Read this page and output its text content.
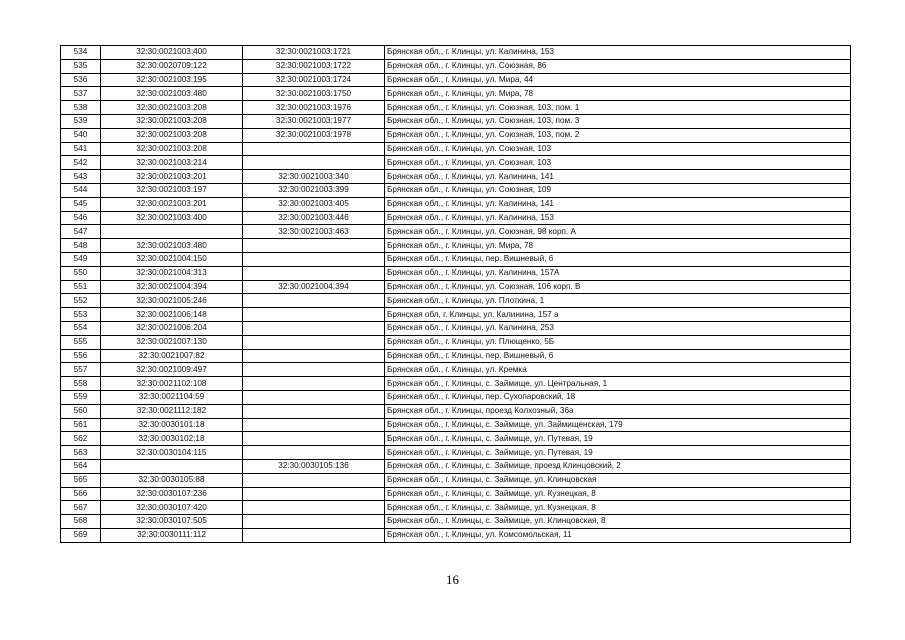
534	32:30:0021003:400	32:30:0021003:1721	Брянская обл., г. Клинцы, ул. Калинина, 153
535	32:30:0020709:122	32:30:0021003:1722	Брянская обл., г. Клинцы, ул. Союзная, 86
536	32:30:0021003:195	32:30:0021003:1724	Брянская обл., г. Клинцы, ул. Мира, 44
537	32:30:0021003:480	32:30:0021003:1750	Брянская обл., г. Клинцы, ул. Мира, 78
538	32:30:0021003:208	32:30:0021003:1976	Брянская обл., г. Клинцы, ул. Союзная, 103, пом. 1
539	32:30:0021003:208	32:30:0021003:1977	Брянская обл., г. Клинцы, ул. Союзная, 103, пом. 3
540	32:30:0021003:208	32:30:0021003:1978	Брянская обл., г. Клинцы, ул. Союзная, 103, пом. 2
541	32:30:0021003:208		Брянская обл., г. Клинцы, ул. Союзная, 103
542	32:30:0021003:214		Брянская обл., г. Клинцы, ул. Союзная, 103
543	32:30:0021003:201	32:30:0021003:340	Брянская обл., г. Клинцы, ул. Калинина, 141
544	32:30:0021003:197	32:30:0021003:399	Брянская обл., г. Клинцы, ул. Союзная, 109
545	32:30:0021003:201	32:30:0021003:405	Брянская обл., г. Клинцы, ул. Калинина, 141
546	32:30:0021003:400	32:30:0021003:446	Брянская обл., г. Клинцы, ул. Калинина, 153
547		32:30:0021003:463	Брянская обл., г. Клинцы, ул. Союзная, 98 корп. А
548	32:30:0021003:480		Брянская обл., г. Клинцы, ул. Мира, 78
549	32:30:0021004:150		Брянская обл., г. Клинцы, пер. Вишневый, 6
550	32:30:0021004:313		Брянская обл., г. Клинцы, ул. Калинина, 157А
551	32:30:0021004:394	32:30:0021004:394	Брянская обл., г. Клинцы, ул. Союзная, 106 корп. В
552	32:30:0021005:246		Брянская обл., г. Клинцы, ул. Плоткина, 1
553	32:30:0021006:148		Брянская обл, г. Клинцы, ул. Калинина, 157 а
554	32:30:0021006:204		Брянская обл., г. Клинцы, ул. Калинина, 253
555	32:30:0021007:130		Брянская обл., г. Клинцы, ул. Плющенко, 5Б
556	32:30:0021007:82		Брянская обл., г. Клинцы, пер. Вишневый, 6
557	32:30:0021009:497		Брянская обл., г. Клинцы, ул. Кремка
558	32:30:0021102:108		Брянская обл., г. Клинцы, с. Займище, ул. Центральная, 1
559	32:30:0021104:59		Брянская обл., г. Клинцы, пер. Сухопаровский, 18
560	32:30:0021112:182		Брянская обл., г. Клинцы, проезд Колхозный, 36а
561	32:30:0030101:18		Брянская обл., г. Клинцы, с. Займище, ул. Займищенская, 179
562	32:30:0030102:18		Брянская обл., г. Клинцы, с. Займище, ул. Путевая, 19
563	32:30:0030104:115		Брянская обл., г. Клинцы, с. Займище, ул. Путевая, 19
564		32:30:0030105:136	Брянская обл., г. Клинцы, с. Займище, проезд Клинцовский, 2
565	32:30:0030105:88		Брянская обл., г. Клинцы, с. Займище, ул. Клинцовская
566	32:30:0030107:236		Брянская обл., г. Клинцы, с. Займище, ул. Кузнецкая, 8
567	32:30:0030107:420		Брянская обл., г. Клинцы, с. Займище, ул. Кузнецкая, 8
568	32:30:0030107:505		Брянская обл., г. Клинцы, с. Займище, ул. Клинцовская, 8
569	32:30:0030111:112		Брянская обл., г. Клинцы, ул. Комсомольская, 11
16
